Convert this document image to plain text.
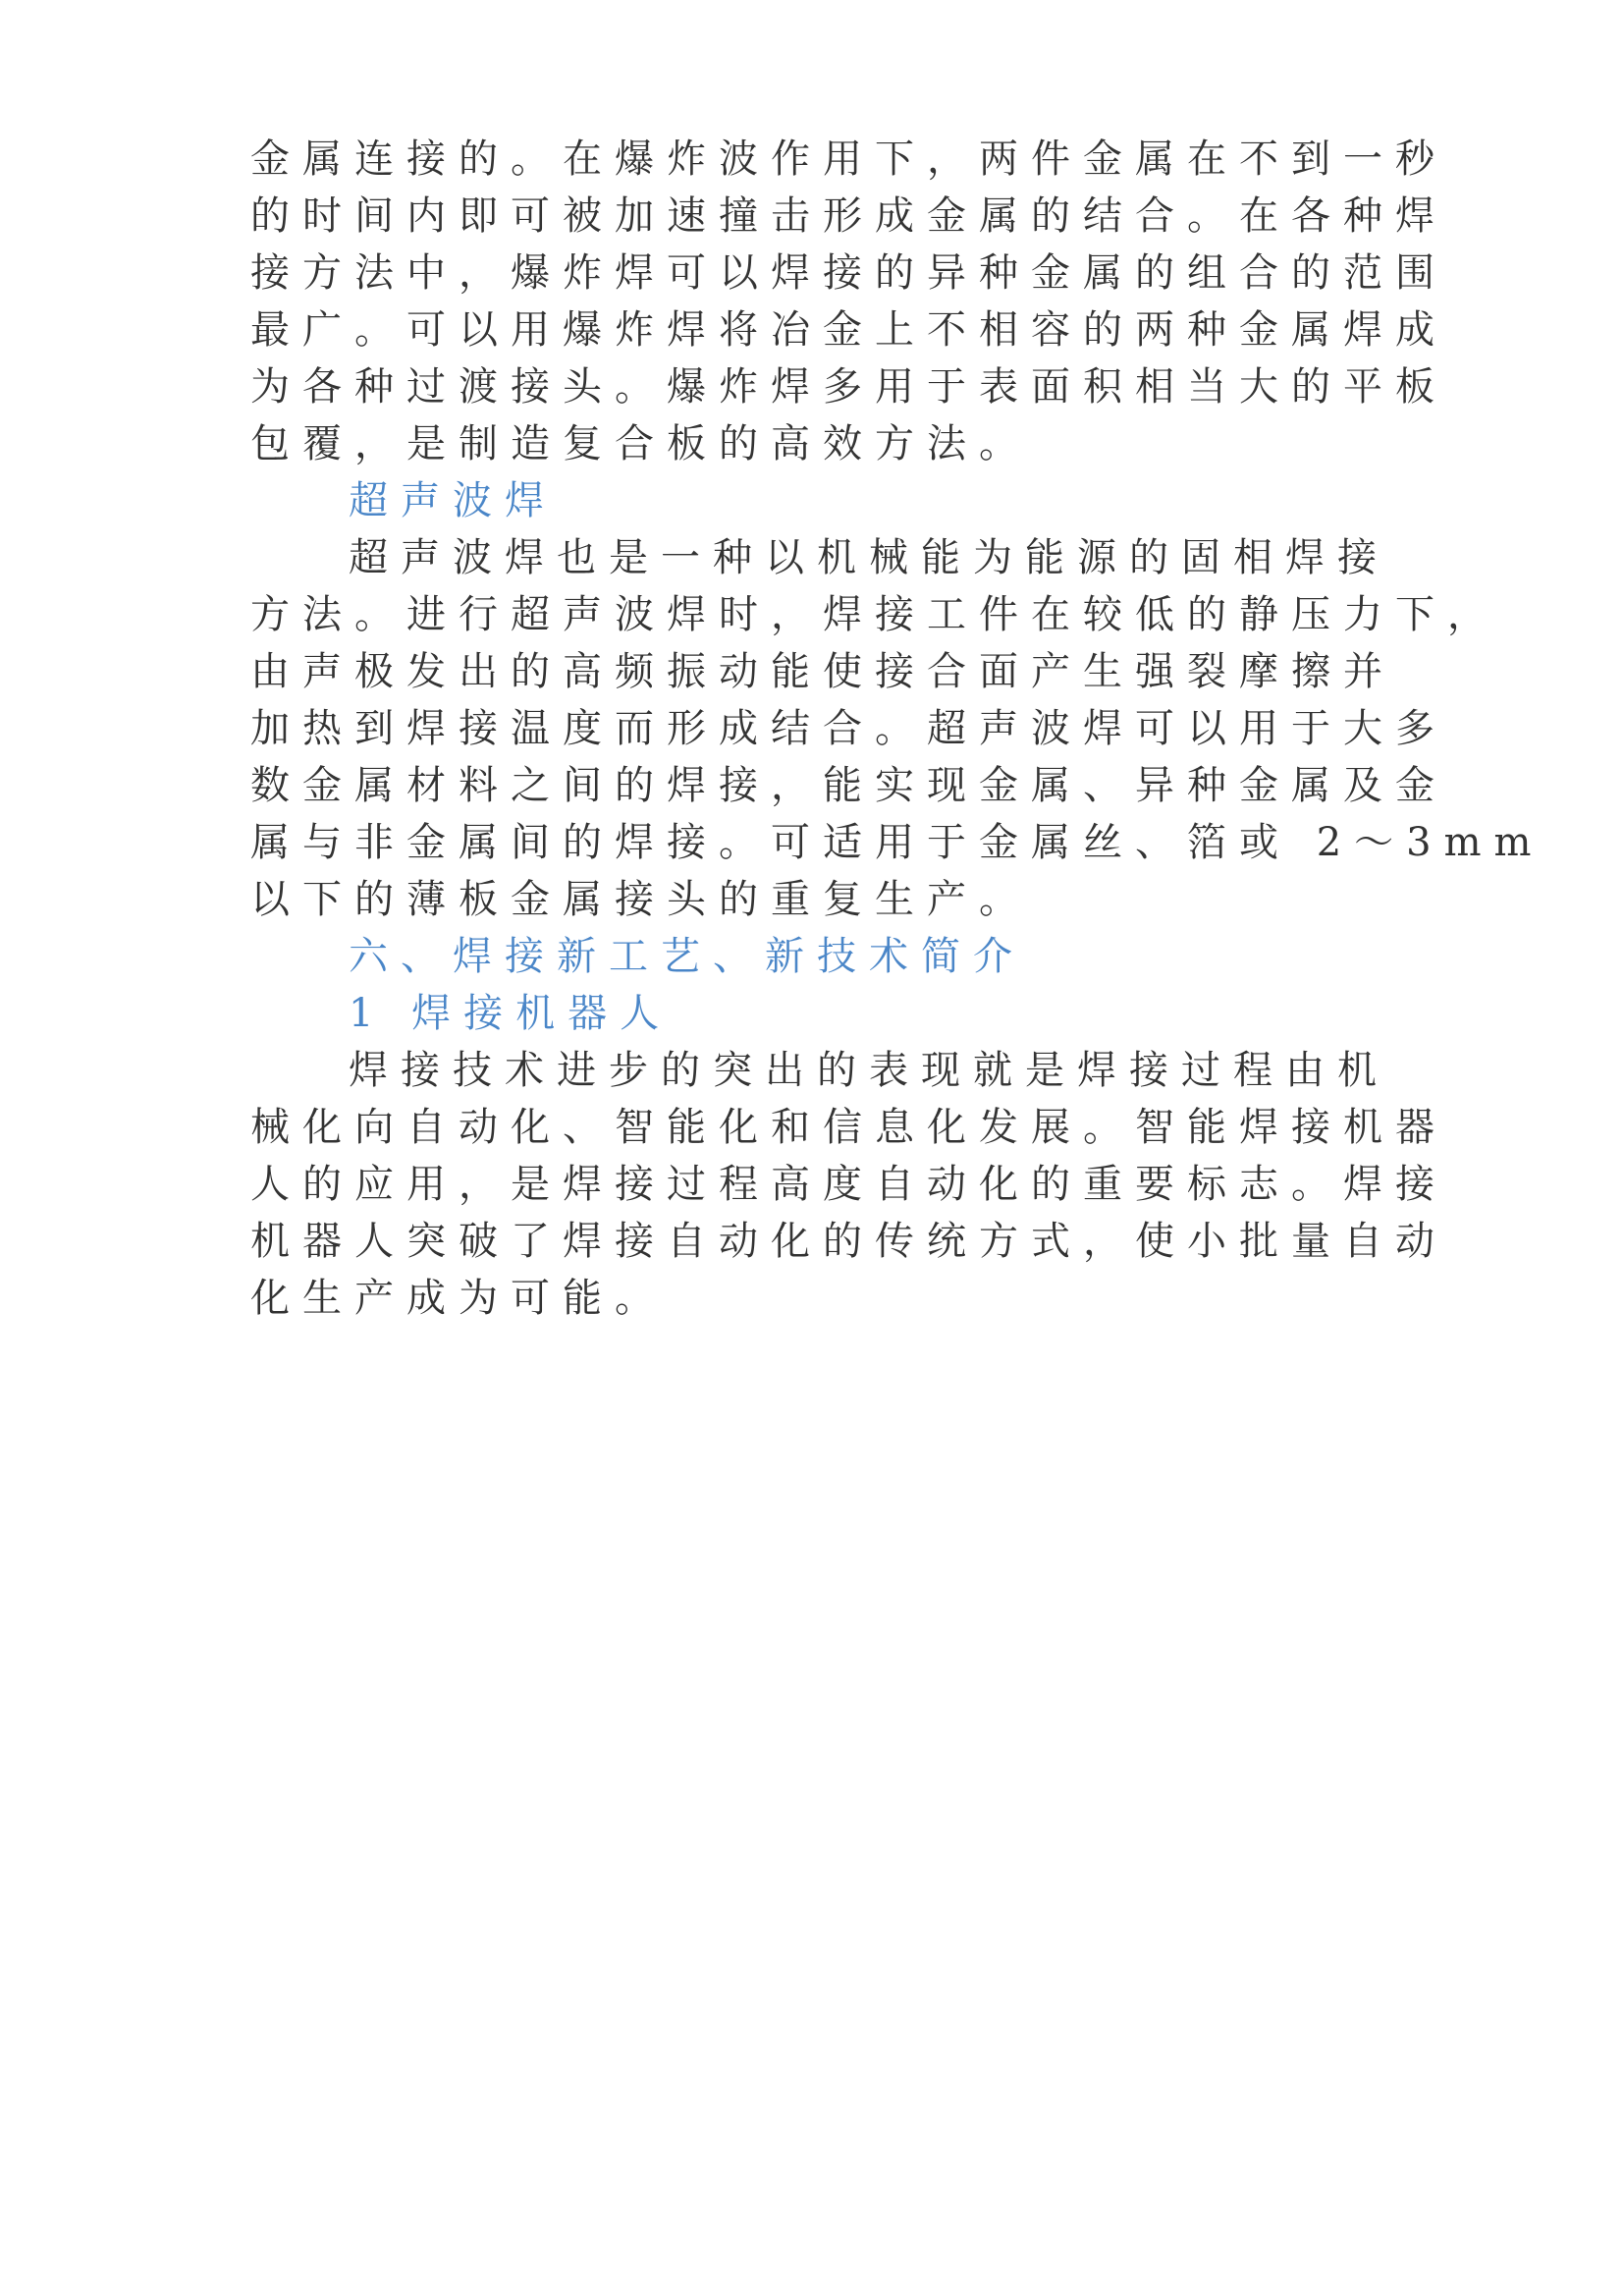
金属连接的。在爆炸波作用下，两件金属在不到一秒
的时间内即可被加速撞击形成金属的结合。在各种焊
接方法中，爆炸焊可以焊接的异种金属的组合的范围
最广。可以用爆炸焊将冶金上不相容的两种金属焊成
为各种过渡接头。爆炸焊多用于表面积相当大的平板
包覆，是制造复合板的高效方法。
超声波焊
超声波焊也是一种以机械能为能源的固相焊接
方法。进行超声波焊时，焊接工件在较低的静压力下，
由声极发出的高频振动能使接合面产生强裂摩擦并
加热到焊接温度而形成结合。超声波焊可以用于大多
数金属材料之间的焊接，能实现金属、异种金属及金
属与非金属间的焊接。可适用于金属丝、箔或 2～3mm
以下的薄板金属接头的重复生产。
六、焊接新工艺、新技术简介
1 焊接机器人
焊接技术进步的突出的表现就是焊接过程由机
械化向自动化、智能化和信息化发展。智能焊接机器
人的应用，是焊接过程高度自动化的重要标志。焊接
机器人突破了焊接自动化的传统方式，使小批量自动
化生产成为可能。
